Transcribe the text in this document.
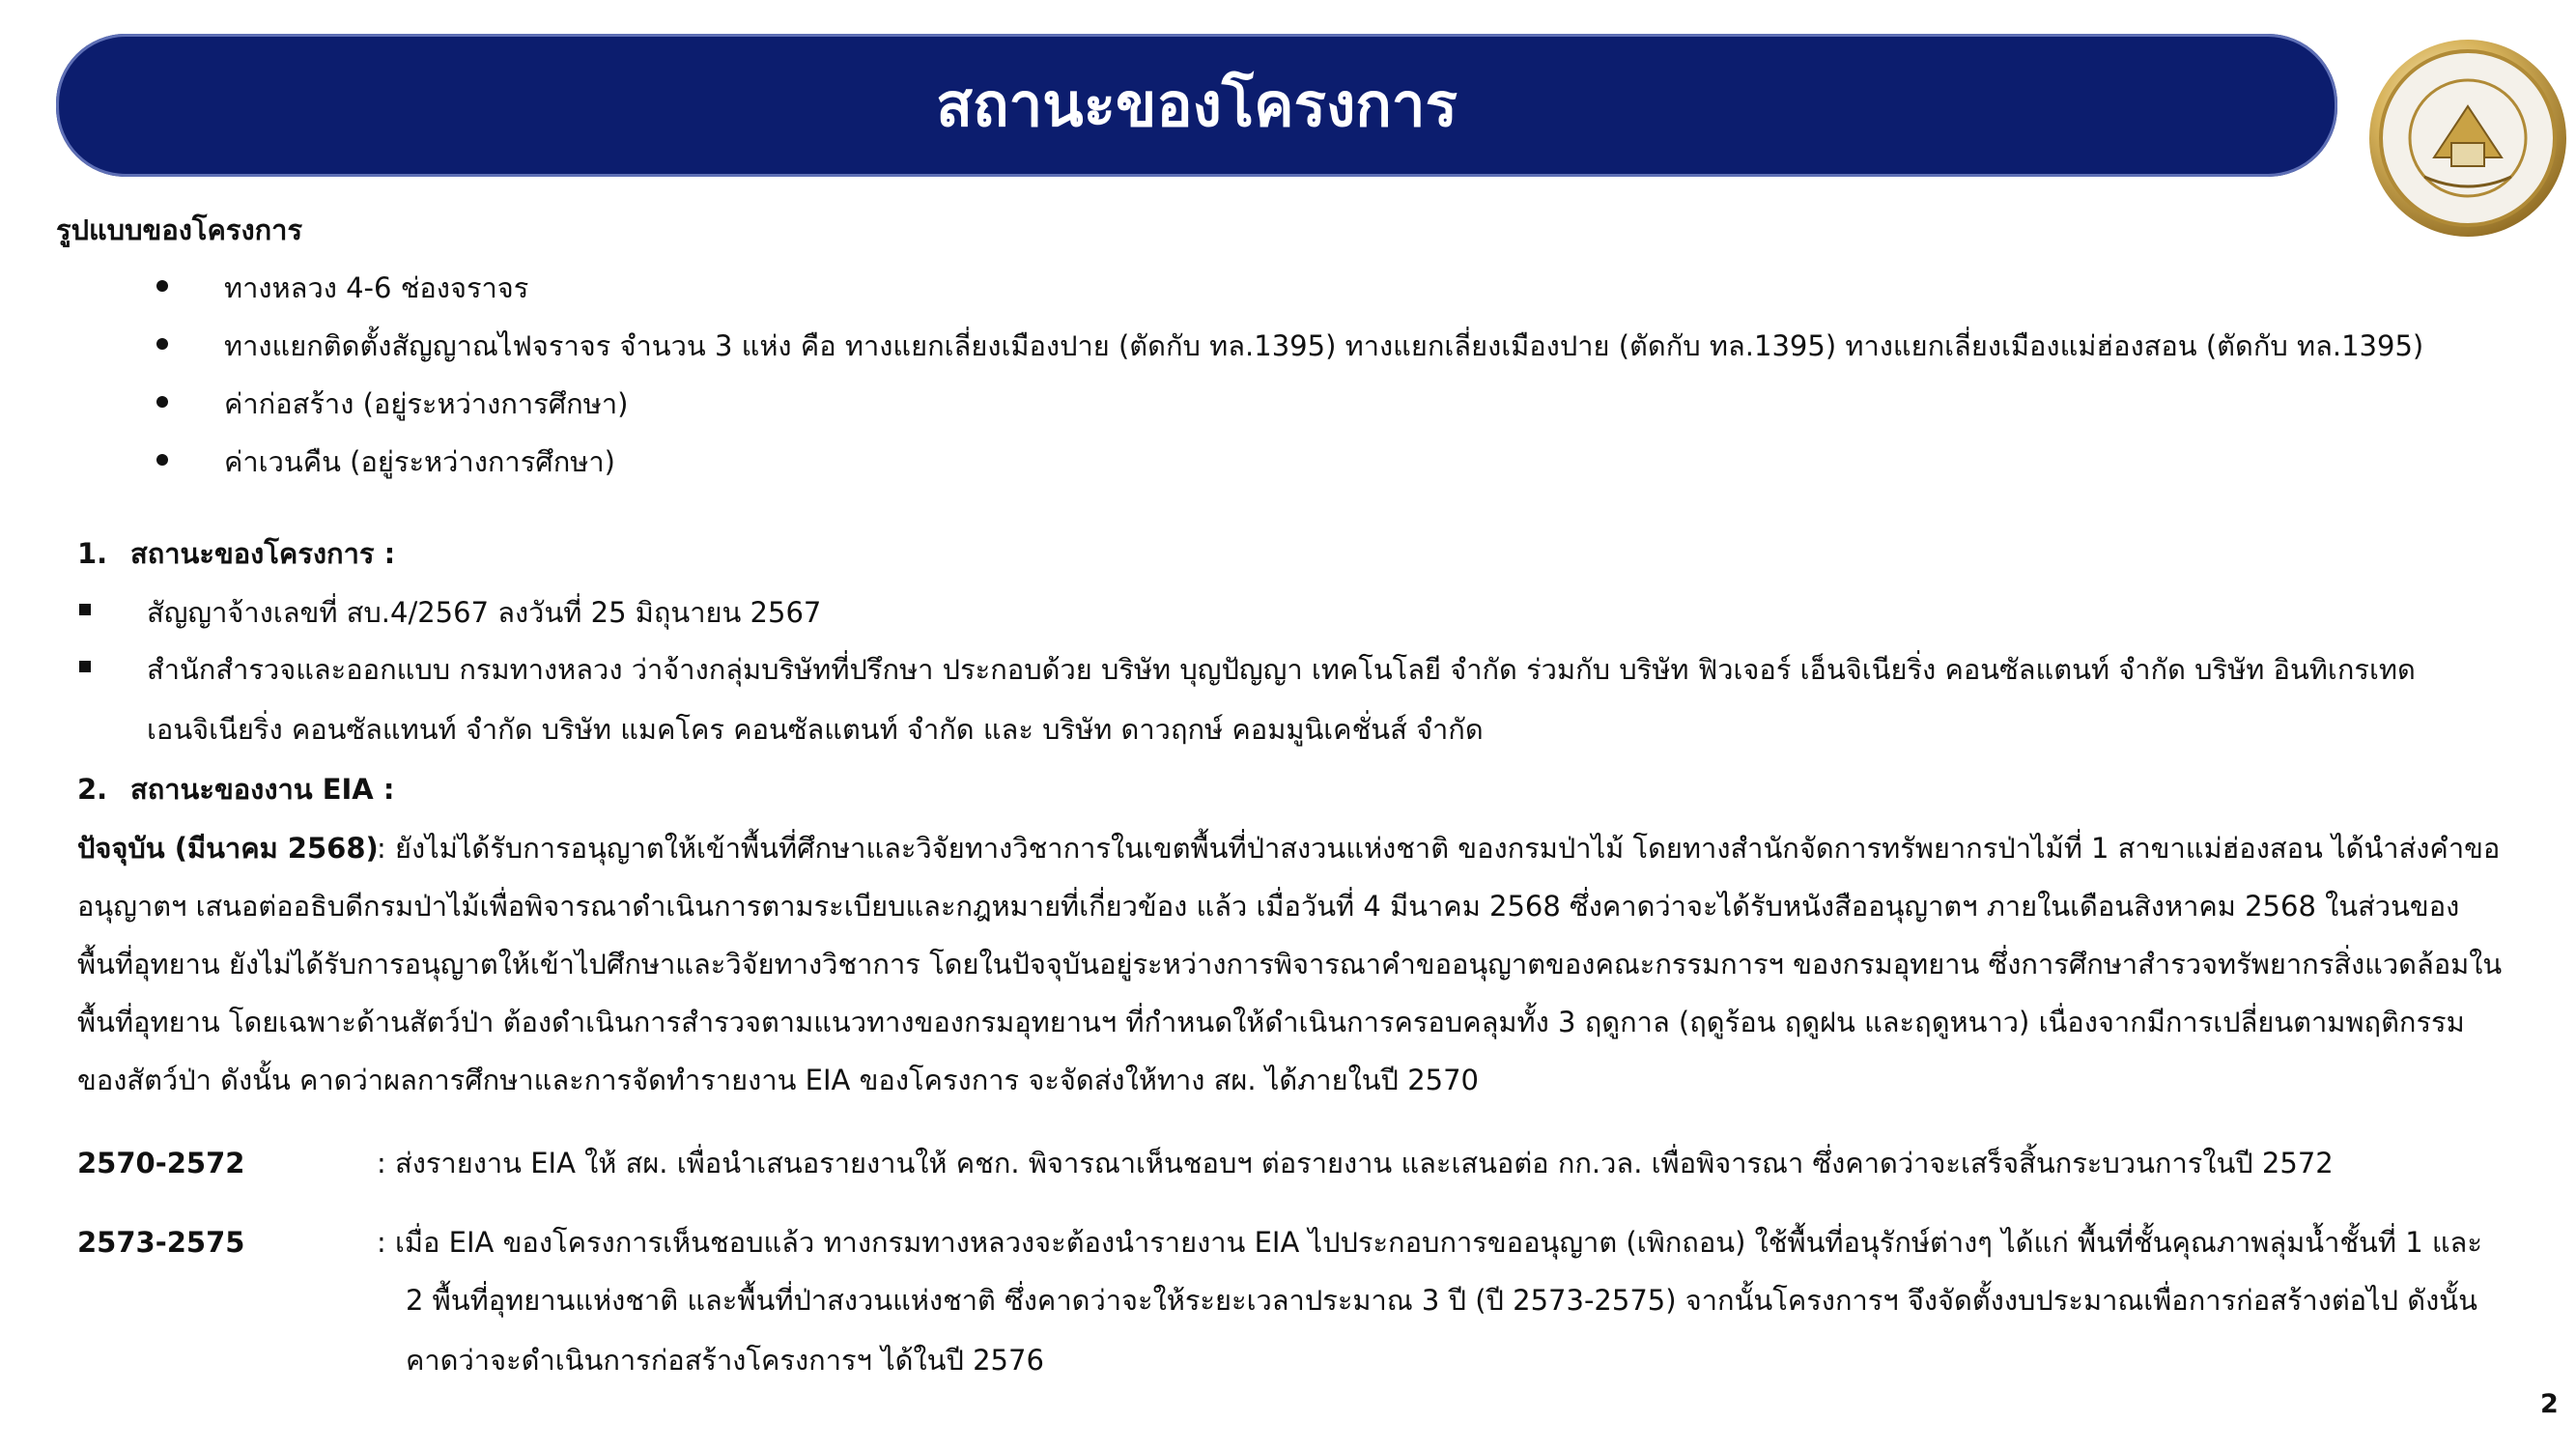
สถานะของโครงการ
รูปแบบของโครงการ
ทางหลวง 4-6 ช่องจราจร
ทางแยกติดตั้งสัญญาณไฟจราจร จำนวน 3 แห่ง คือ ทางแยกเลี่ยงเมืองปาย (ตัดกับ ทล.1395) ทางแยกเลี่ยงเมืองปาย (ตัดกับ ทล.1395) ทางแยกเลี่ยงเมืองแม่ฮ่องสอน (ตัดกับ ทล.1395)
ค่าก่อสร้าง (อยู่ระหว่างการศึกษา)
ค่าเวนคืน (อยู่ระหว่างการศึกษา)
1. สถานะของโครงการ :
สัญญาจ้างเลขที่ สบ.4/2567 ลงวันที่ 25 มิถุนายน 2567
สำนักสำรวจและออกแบบ กรมทางหลวง ว่าจ้างกลุ่มบริษัทที่ปรึกษา ประกอบด้วย บริษัท บุญปัญญา เทคโนโลยี จำกัด ร่วมกับ บริษัท ฟิวเจอร์ เอ็นจิเนียริ่ง คอนซัลแตนท์ จำกัด บริษัท อินทิเกรเทด
เอนจิเนียริ่ง คอนซัลแทนท์ จำกัด บริษัท แมคโคร คอนซัลแตนท์ จำกัด และ บริษัท ดาวฤกษ์ คอมมูนิเคชั่นส์ จำกัด
2. สถานะของงาน EIA :
ปัจจุบัน (มีนาคม 2568)
: ยังไม่ได้รับการอนุญาตให้เข้าพื้นที่ศึกษาและวิจัยทางวิชาการในเขตพื้นที่ป่าสงวนแห่งชาติ ของกรมป่าไม้ โดยทางสำนักจัดการทรัพยากรป่าไม้ที่ 1 สาขาแม่ฮ่องสอน ได้นำส่งคำขอ
อนุญาตฯ เสนอต่ออธิบดีกรมป่าไม้เพื่อพิจารณาดำเนินการตามระเบียบและกฎหมายที่เกี่ยวข้อง แล้ว เมื่อวันที่ 4 มีนาคม 2568 ซึ่งคาดว่าจะได้รับหนังสืออนุญาตฯ ภายในเดือนสิงหาคม 2568 ในส่วนของ
พื้นที่อุทยาน ยังไม่ได้รับการอนุญาตให้เข้าไปศึกษาและวิจัยทางวิชาการ โดยในปัจจุบันอยู่ระหว่างการพิจารณาคำขออนุญาตของคณะกรรมการฯ ของกรมอุทยาน ซึ่งการศึกษาสำรวจทรัพยากรสิ่งแวดล้อมใน
พื้นที่อุทยาน โดยเฉพาะด้านสัตว์ป่า ต้องดำเนินการสำรวจตามแนวทางของกรมอุทยานฯ ที่กำหนดให้ดำเนินการครอบคลุมทั้ง 3 ฤดูกาล (ฤดูร้อน ฤดูฝน และฤดูหนาว) เนื่องจากมีการเปลี่ยนตามพฤติกรรม
ของสัตว์ป่า ดังนั้น คาดว่าผลการศึกษาและการจัดทำรายงาน EIA ของโครงการ จะจัดส่งให้ทาง สผ. ได้ภายในปี 2570
2570-2572	: ส่งรายงาน EIA ให้ สผ. เพื่อนำเสนอรายงานให้ คชก. พิจารณาเห็นชอบฯ ต่อรายงาน และเสนอต่อ กก.วล. เพื่อพิจารณา ซึ่งคาดว่าจะเสร็จสิ้นกระบวนการในปี 2572
2573-2575	: เมื่อ EIA ของโครงการเห็นชอบแล้ว ทางกรมทางหลวงจะต้องนำรายงาน EIA ไปประกอบการขออนุญาต (เพิกถอน) ใช้พื้นที่อนุรักษ์ต่างๆ ได้แก่ พื้นที่ชั้นคุณภาพลุ่มน้ำชั้นที่ 1 และ
2 พื้นที่อุทยานแห่งชาติ และพื้นที่ป่าสงวนแห่งชาติ ซึ่งคาดว่าจะให้ระยะเวลาประมาณ 3 ปี (ปี 2573-2575) จากนั้นโครงการฯ จึงจัดตั้งงบประมาณเพื่อการก่อสร้างต่อไป ดังนั้น
คาดว่าจะดำเนินการก่อสร้างโครงการฯ ได้ในปี 2576
2
